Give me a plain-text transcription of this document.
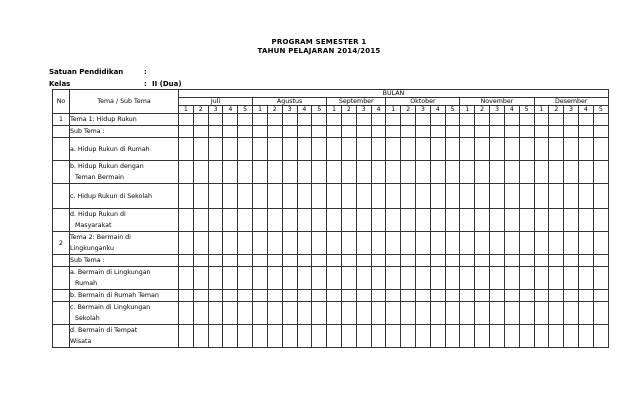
PROGRAM SEMESTER 1
TAHUN PELAJARAN 2014/2015
Satuan Pendidikan	:
Kelas	: II (Dua)
No	Tema / Sub Tema	BULAN																												
		Juli					Agustus					September				Oktober					November					Desember				
		1	2	3	4	5	1	2	3	4	5	1	2	3	4	1	2	3	4	5	1	2	3	4	5	1	2	3	4	5
1	Tema 1: Hidup Rukun																													

	Sub Tema :																													

	a. Hidup Rukun di Rumah																													

	b. Hidup Rukun dengan
Teman Bermain																													

	c. Hidup Rukun di Sekolah																													

	d. Hidup Rukun di
Masyarakat																													

2	Tema 2: Bermain di
Lingkunganku																													

	Sub Tema :																													

	a. Bermain di Lingkungan
Rumah																													

	b. Bermain di Rumah Teman																													

	c. Bermain di Lingkungan
Sekolah																													

	d. Bermain di Tempat
Wisata																													
